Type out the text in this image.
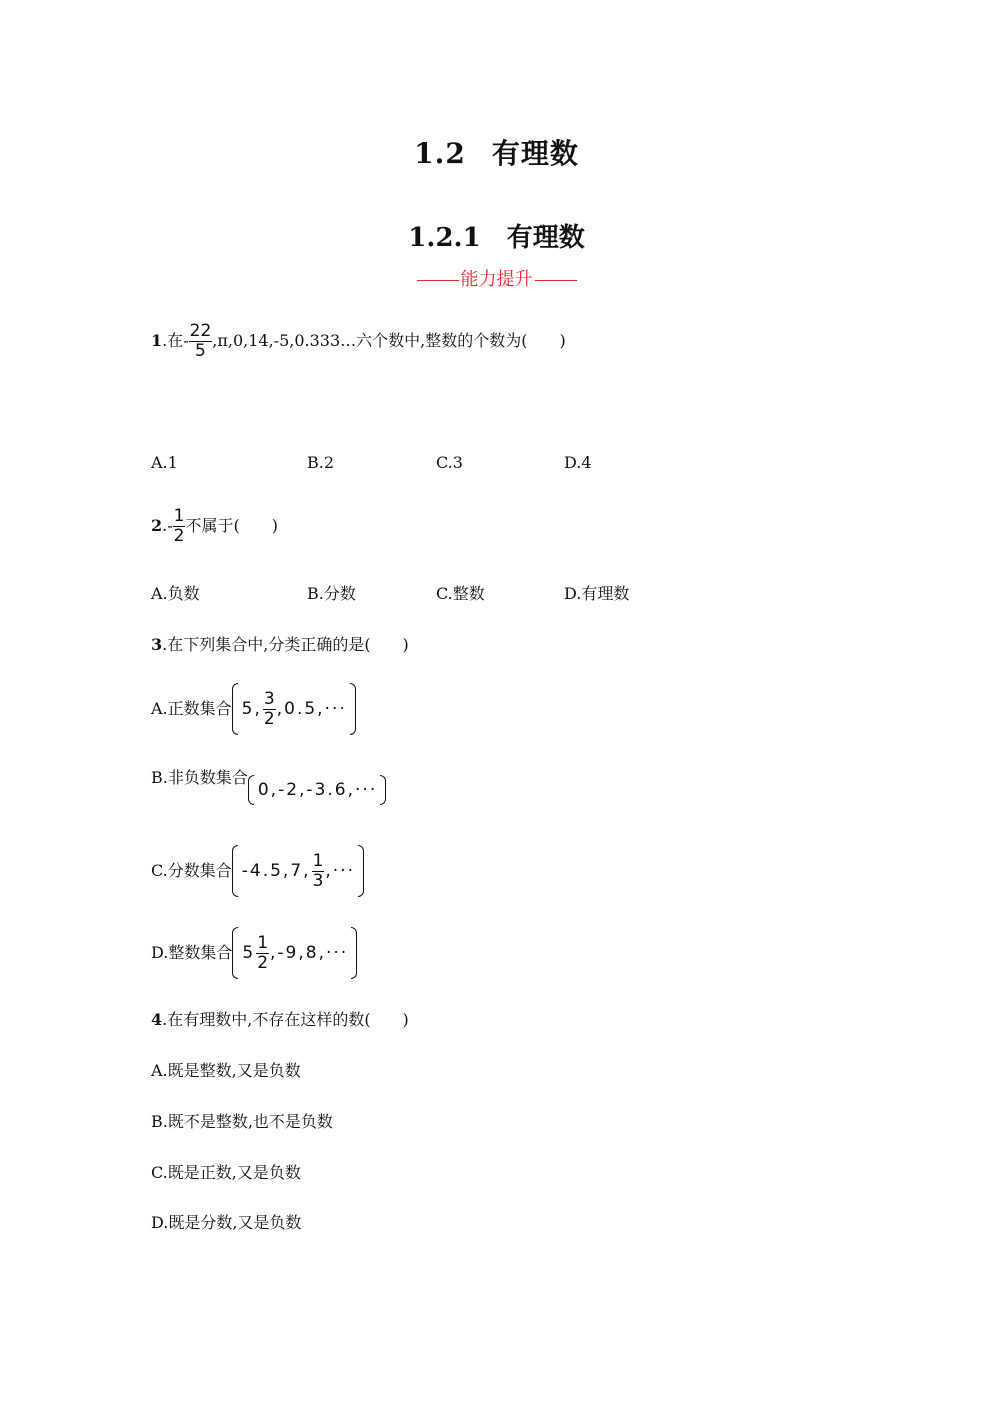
1.2 有理数
1.2.1 有理数
能力提升
1.在- $\frac{22}{5}$ ,π,0,14,-5,0.333…六个数中,整数的个数为(　　)
A.1	B.2	C.3	D.4
$2.- \frac{1}{2}$ 不属于(　　)
A.负数	B.分数	C.整数	D.有理数
3.在下列集合中,分类正确的是(　　)
A.正数集合 5, $\frac{3}{2} ,0.5,\cdot\cdot\cdot$
B.非负数集合
0,-2,-3.6,···
C.分数集合 -4.5,7, $\frac{1}{3}$ ,···
D.整数集合 $5 \frac{1}{2} ,-9,8,\cdot\cdot\cdot$
4.在有理数中,不存在这样的数(　　)
A.既是整数,又是负数
B.既不是整数,也不是负数
C.既是正数,又是负数
D.既是分数,又是负数
